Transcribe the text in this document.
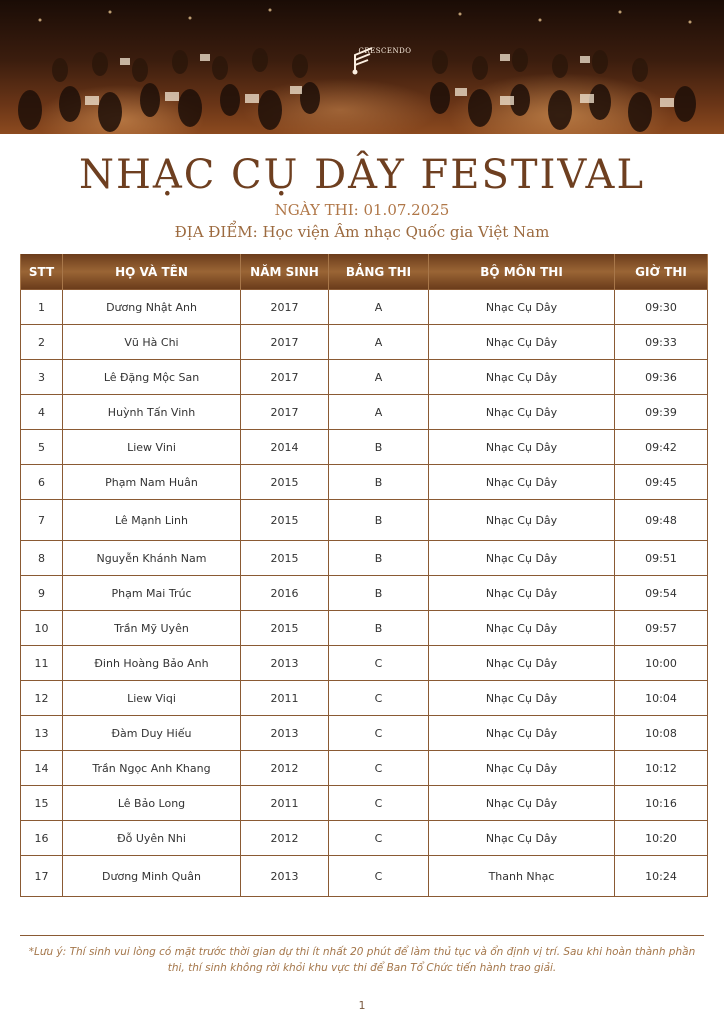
CRESCENDO
NHẠC CỤ DÂY FESTIVAL
NGÀY THI: 01.07.2025
ĐỊA ĐIỂM: Học viện Âm nhạc Quốc gia Việt Nam
STT	HỌ VÀ TÊN	NĂM SINH	BẢNG THI	BỘ MÔN THI	GIỜ THI
1	Dương Nhật Anh	2017	A	Nhạc Cụ Dây	09:30
2	Vũ Hà Chi	2017	A	Nhạc Cụ Dây	09:33
3	Lê Đặng Mộc San	2017	A	Nhạc Cụ Dây	09:36
4	Huỳnh Tấn Vinh	2017	A	Nhạc Cụ Dây	09:39
5	Liew Vini	2014	B	Nhạc Cụ Dây	09:42
6	Phạm Nam Huân	2015	B	Nhạc Cụ Dây	09:45
7	Lê Mạnh Linh	2015	B	Nhạc Cụ Dây	09:48
8	Nguyễn Khánh Nam	2015	B	Nhạc Cụ Dây	09:51
9	Phạm Mai Trúc	2016	B	Nhạc Cụ Dây	09:54
10	Trần Mỹ Uyên	2015	B	Nhạc Cụ Dây	09:57
11	Đinh Hoàng Bảo Anh	2013	C	Nhạc Cụ Dây	10:00
12	Liew Viqi	2011	C	Nhạc Cụ Dây	10:04
13	Đàm Duy Hiếu	2013	C	Nhạc Cụ Dây	10:08
14	Trần Ngọc Anh Khang	2012	C	Nhạc Cụ Dây	10:12
15	Lê Bảo Long	2011	C	Nhạc Cụ Dây	10:16
16	Đỗ Uyên Nhi	2012	C	Nhạc Cụ Dây	10:20
17	Dương Minh Quân	2013	C	Thanh Nhạc	10:24
*Lưu ý: Thí sinh vui lòng có mặt trước thời gian dự thi ít nhất 20 phút để làm thủ tục và ổn định vị trí. Sau khi hoàn thành phần thi, thí sinh không rời khỏi khu vực thi để Ban Tổ Chức tiến hành trao giải.
1
